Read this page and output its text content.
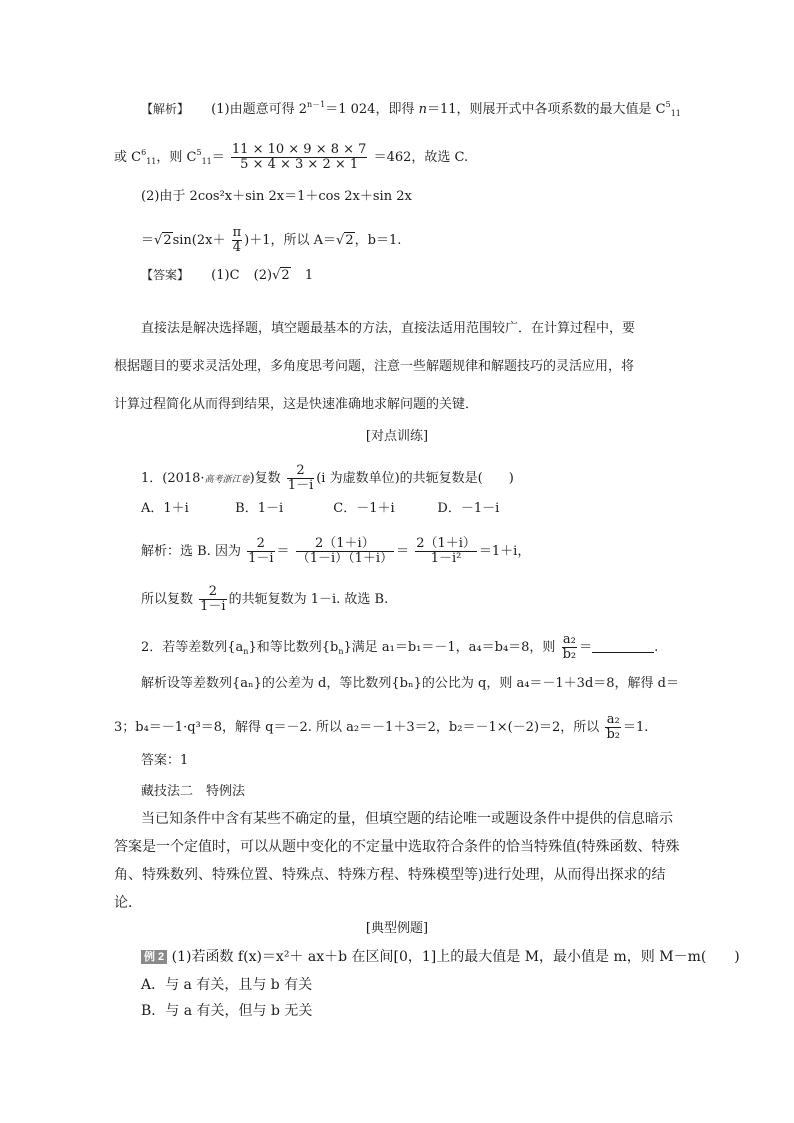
【解析】 (1)由题意可得 $2^{n-1}=1$ 024，即得 n＝11，则展开式中各项系数的最大值是 $C^5_{11}$
或 $C^6_{11}$，则 $C^5_{11}= \frac{11 \times 10 \times 9 \times 8 \times 7}{5 \times 4 \times 3 \times 2 \times 1} =462$，故选 C.
(2)由于 2cos²x＋sin 2x＝1＋cos 2x＋sin 2x
$=√2\sin(2x+ \frac{\pi}{4} )+1$，所以 A＝√2，b＝1.
【答案】 (1)C (2)√2 1
直接法是解决选择题，填空题最基本的方法，直接法适用范围较广．在计算过程中，要
根据题目的要求灵活处理，多角度思考问题，注意一些解题规律和解题技巧的灵活应用，将
计算过程简化从而得到结果，这是快速准确地求解问题的关键．
[对点训练]
1．(2018·高考浙江卷)复数 $\frac{2}{1-i} (i$ 为虚数单位)的共轭复数是(　　)
A．1＋i	B．1－i	C．－1＋i	D．－1－i
解析：选 B. 因为 $\frac{2}{1-i} = \frac{2(1+i)}{(1-i)(1+i)} = \frac{2(1+i)}{\text{1－i²}} =1+i$，
所以复数 $\frac{2}{1-i}$ 的共轭复数为 1－i. 故选 B.
2．若等差数列$\{a_n\}$和等比数列$\{b_n\}$满足 a₁＝b₁＝－1，a₄＝b₄＝8，则 $\frac{\text{a₂}}{\text{b₂}}$ ＝	.
解析设等差数列{aₙ}的公差为 d，等比数列{bₙ}的公比为 q，则 a₄＝－1＋3d＝8，解得 d＝
3；b₄＝－1·q³＝8，解得 q＝－2. 所以 a₂＝－1＋3＝2，b₂＝－1×(－2)＝2，所以 $\frac{\text{a₂}}{\text{b₂}} =1$.
答案：1
藏技法二　特例法
当已知条件中含有某些不确定的量，但填空题的结论唯一或题设条件中提供的信息暗示
答案是一个定值时，可以从题中变化的不定量中选取符合条件的恰当特殊值(特殊函数、特殊
角、特殊数列、特殊位置、特殊点、特殊方程、特殊模型等)进行处理，从而得出探求的结
论．
[典型例题]
例 2 (1)若函数 f(x)＝x²＋ ax＋b 在区间[0，1]上的最大值是 M，最小值是 m，则 M－m(　　)
A．与 a 有关，且与 b 有关
B．与 a 有关，但与 b 无关
